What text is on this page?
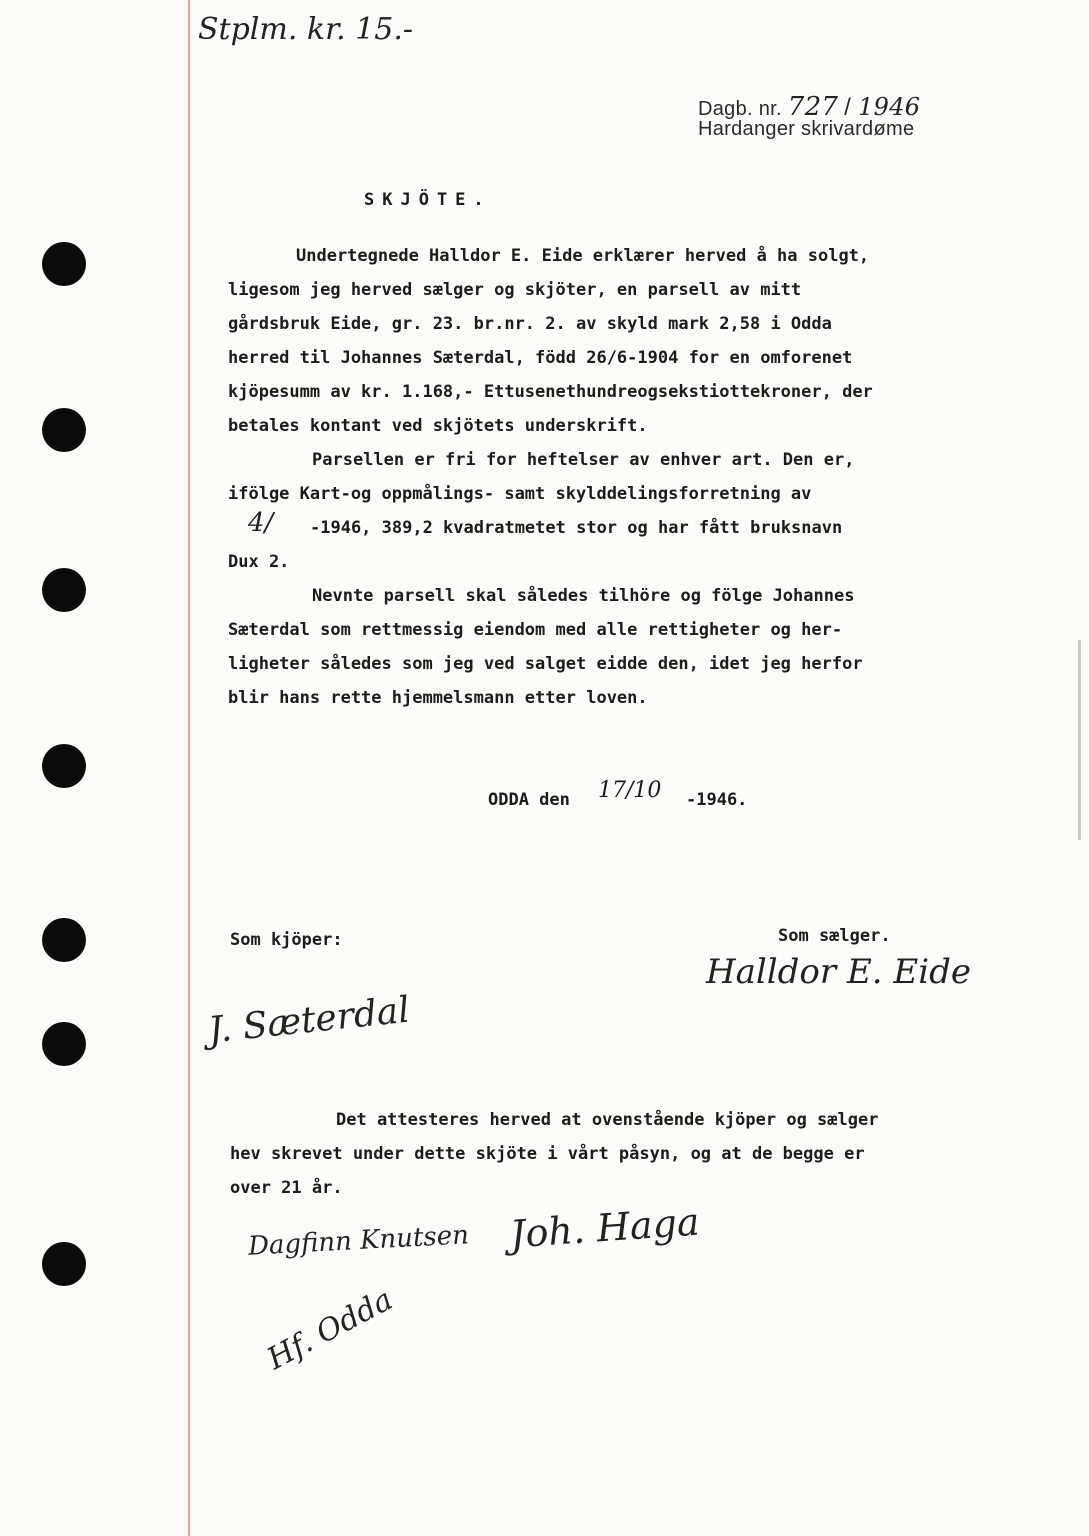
Stplm. kr. 15.-
Dagb. nr. 727 / 1946
Hardanger skrivardøme
SKJÖTE.
Undertegnede Halldor E. Eide erklærer herved å ha solgt,
ligesom jeg herved sælger og skjöter, en parsell av mitt
gårdsbruk Eide, gr. 23. br.nr. 2. av skyld mark 2,58 i Odda
herred til Johannes Sæterdal, född 26/6-1904 for en omforenet
kjöpesumm av kr. 1.168,- Ettusenethundreogsekstiottekroner, der
betales kontant ved skjötets underskrift.
Parsellen er fri for heftelser av enhver art. Den er,
ifölge Kart-og oppmålings- samt skylddelingsforretning av
4/ -1946, 389,2 kvadratmetet stor og har fått bruksnavn
Dux 2.
Nevnte parsell skal således tilhöre og fölge Johannes
Sæterdal som rettmessig eiendom med alle rettigheter og her-
ligheter således som jeg ved salget eidde den, idet jeg herfor
blir hans rette hjemmelsmann etter loven.
ODDA den 17/10 -1946.
Som kjöper:	Som sælger.
Halldor E. Eide
J. Sæterdal
Det attesteres herved at ovenstående kjöper og sælger
hev skrevet under dette skjöte i vårt påsyn, og at de begge er
over 21 år.
Dagfinn Knutsen Joh. Haga
Hf. Odda
